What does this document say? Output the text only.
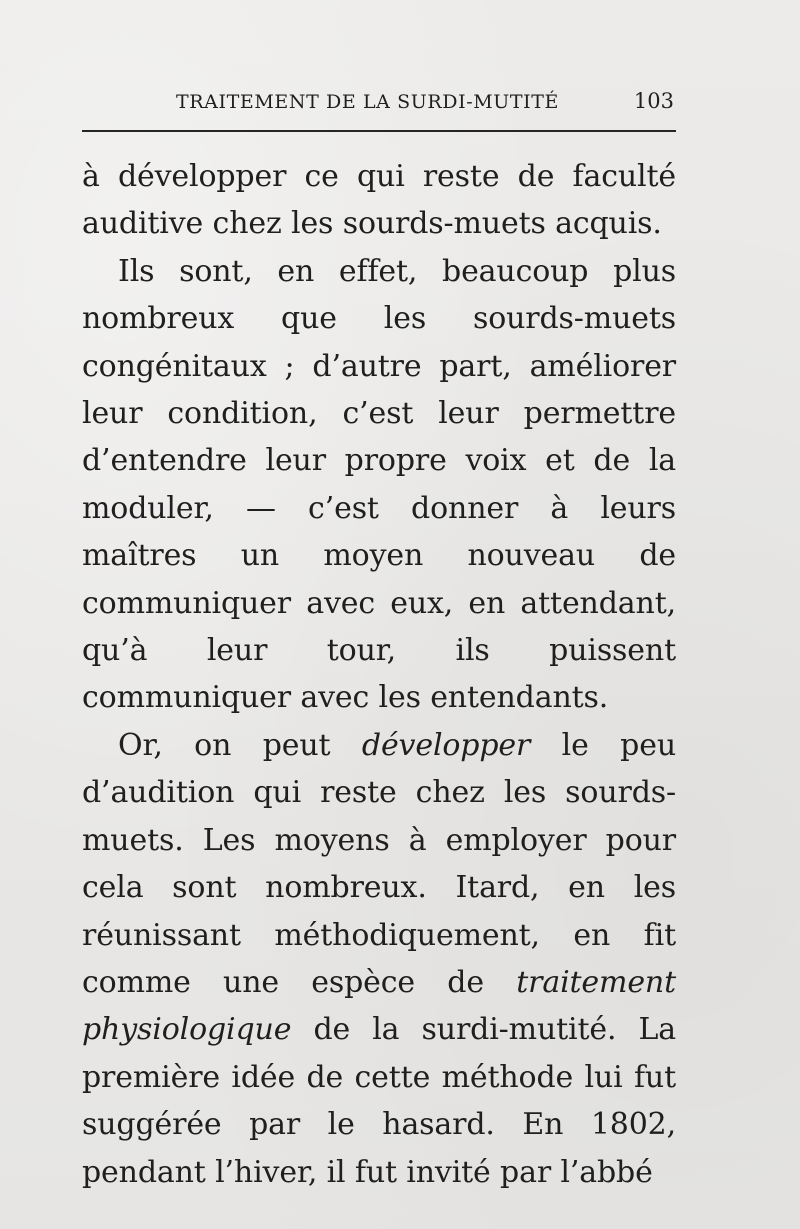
TRAITEMENT DE LA SURDI-MUTITÉ	103

à développer ce qui reste de faculté auditive chez les sourds-muets acquis.

Ils sont, en effet, beaucoup plus nombreux que les sourds-muets congénitaux ; d’autre part, améliorer leur condition, c’est leur permettre d’entendre leur propre voix et de la moduler, — c’est donner à leurs maîtres un moyen nouveau de communiquer avec eux, en attendant, qu’à leur tour, ils puissent communiquer avec les entendants.

Or, on peut développer le peu d’audition qui reste chez les sourds-muets. Les moyens à employer pour cela sont nombreux. Itard, en les réunissant méthodiquement, en fit comme une espèce de traitement physiologique de la surdi-mutité. La première idée de cette méthode lui fut suggérée par le hasard. En 1802, pendant l’hiver, il fut invité par l’abbé
